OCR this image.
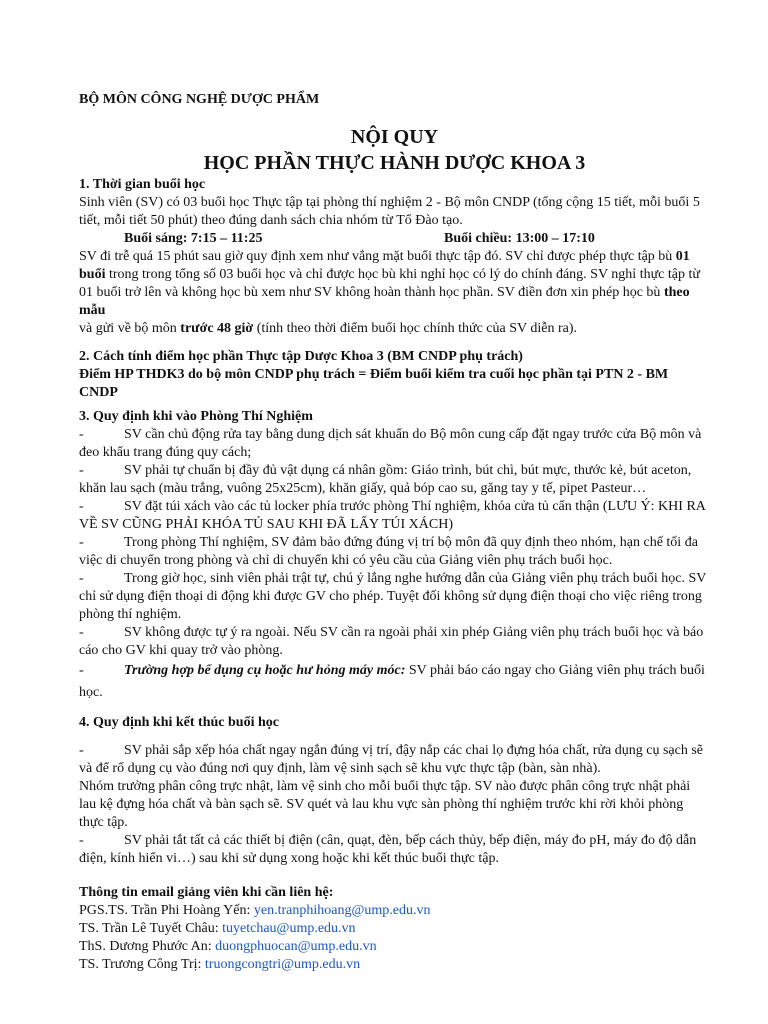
BỘ MÔN CÔNG NGHỆ DƯỢC PHẨM
NỘI QUY
HỌC PHẦN THỰC HÀNH DƯỢC KHOA 3

1. Thời gian buổi học

Sinh viên (SV) có 03 buổi học Thực tập tại phòng thí nghiệm 2 - Bộ môn CNDP (tổng cộng 15 tiết, mỗi buổi 5 tiết, mỗi tiết 50 phút) theo đúng danh sách chia nhóm từ Tổ Đào tạo.

Buổi sáng: 7:15 – 11:25	Buổi chiều: 13:00 – 17:10

SV đi trễ quá 15 phút sau giờ quy định xem như vắng mặt buổi thực tập đó. SV chỉ được phép thực tập bù 01 buổi trong trong tổng số 03 buổi học và chỉ được học bù khi nghỉ học có lý do chính đáng. SV nghỉ thực tập từ

01 buổi trở lên và không học bù xem như SV không hoàn thành học phần. SV điền đơn xin phép học bù theo mẫu

và gửi về bộ môn trước 48 giờ (tính theo thời điểm buổi học chính thức của SV diễn ra).

2. Cách tính điểm học phần Thực tập Dược Khoa 3 (BM CNDP phụ trách)

Điểm HP THDK3 do bộ môn CNDP phụ trách = Điểm buổi kiểm tra cuối học phần tại PTN 2 - BM CNDP

3. Quy định khi vào Phòng Thí Nghiệm

-	SV cần chủ động rửa tay bằng dung dịch sát khuẩn do Bộ môn cung cấp đặt ngay trước cửa Bộ môn và đeo khẩu trang đúng quy cách;
-	SV phải tự chuẩn bị đầy đủ vật dụng cá nhân gồm: Giáo trình, bút chì, bút mực, thước kẻ, bút aceton, khăn lau sạch (màu trắng, vuông 25x25cm), khăn giấy, quả bóp cao su, găng tay y tế, pipet Pasteur…
-	SV đặt túi xách vào các tủ locker phía trước phòng Thí nghiệm, khóa cửa tủ cẩn thận (LƯU Ý: KHI RA VỀ SV CŨNG PHẢI KHÓA TỦ SAU KHI ĐÃ LẤY TÚI XÁCH)
-	Trong phòng Thí nghiệm, SV đảm bảo đứng đúng vị trí bộ môn đã quy định theo nhóm, hạn chế tối đa việc di chuyển trong phòng và chỉ di chuyển khi có yêu cầu của Giảng viên phụ trách buổi học.
-	Trong giờ học, sinh viên phải trật tự, chú ý lắng nghe hướng dẫn của Giảng viên phụ trách buổi học. SV chỉ sử dụng điện thoại di động khi được GV cho phép. Tuyệt đối không sử dụng điện thoại cho việc riêng trong phòng thí nghiệm.
-	SV không được tự ý ra ngoài. Nếu SV cần ra ngoài phải xin phép Giảng viên phụ trách buổi học và báo cáo cho GV khi quay trở vào phòng.
-	Trường hợp bể dụng cụ hoặc hư hỏng máy móc: SV phải báo cáo ngay cho Giảng viên phụ trách buổi học.

4. Quy định khi kết thúc buổi học

-	SV phải sắp xếp hóa chất ngay ngắn đúng vị trí, đậy nắp các chai lọ đựng hóa chất, rửa dụng cụ sạch sẽ và để rổ dụng cụ vào đúng nơi quy định, làm vệ sinh sạch sẽ khu vực thực tập (bàn, sàn nhà).

Nhóm trưởng phân công trực nhật, làm vệ sinh cho mỗi buổi thực tập. SV nào được phân công trực nhật phải lau kệ đựng hóa chất và bàn sạch sẽ. SV quét và lau khu vực sàn phòng thí nghiệm trước khi rời khỏi phòng thực tập.

-	SV phải tắt tất cả các thiết bị điện (cân, quạt, đèn, bếp cách thủy, bếp điện, máy đo pH, máy đo độ dẫn điện, kính hiển vi…) sau khi sử dụng xong hoặc khi kết thúc buổi thực tập.

Thông tin email giảng viên khi cần liên hệ:

PGS.TS. Trần Phi Hoàng Yến: yen.tranphihoang@ump.edu.vn

TS. Trần Lê Tuyết Châu: tuyetchau@ump.edu.vn

ThS. Dương Phước An: duongphuocan@ump.edu.vn

TS. Trương Công Trị: truongcongtri@ump.edu.vn
